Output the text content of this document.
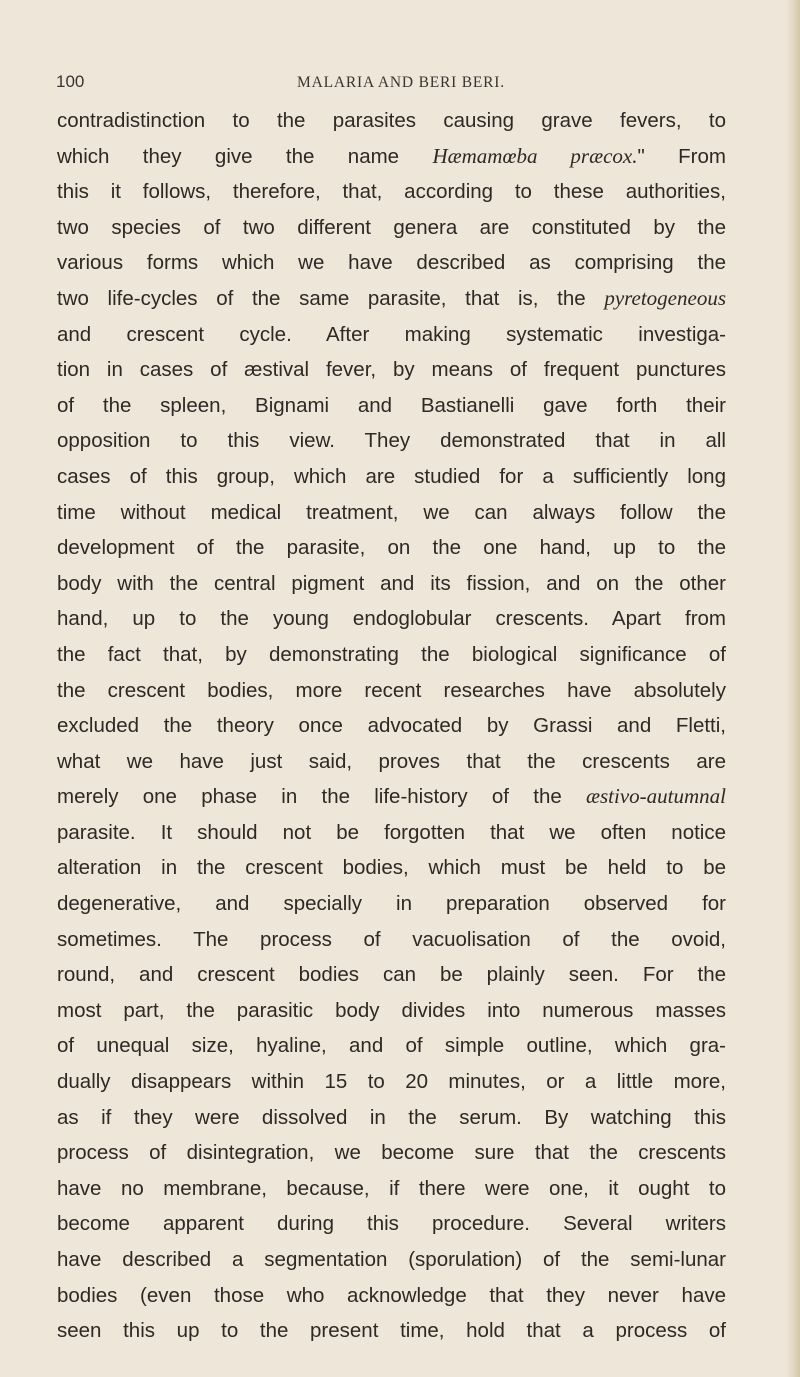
100	MALARIA AND BERI BERI.
contradistinction to the parasites causing grave fevers, to
which they give the name Hæmamœba præcox." From
this it follows, therefore, that, according to these authorities,
two species of two different genera are constituted by the
various forms which we have described as comprising the
two life-cycles of the same parasite, that is, the pyretogeneous
and crescent cycle. After making systematic investiga-
tion in cases of æstival fever, by means of frequent punctures
of the spleen, Bignami and Bastianelli gave forth their
opposition to this view. They demonstrated that in all
cases of this group, which are studied for a sufficiently long
time without medical treatment, we can always follow the
development of the parasite, on the one hand, up to the
body with the central pigment and its fission, and on the other
hand, up to the young endoglobular crescents. Apart from
the fact that, by demonstrating the biological significance of
the crescent bodies, more recent researches have absolutely
excluded the theory once advocated by Grassi and Fletti,
what we have just said, proves that the crescents are
merely one phase in the life-history of the æstivo-autumnal
parasite. It should not be forgotten that we often notice
alteration in the crescent bodies, which must be held to be
degenerative, and specially in preparation observed for
sometimes. The process of vacuolisation of the ovoid,
round, and crescent bodies can be plainly seen. For the
most part, the parasitic body divides into numerous masses
of unequal size, hyaline, and of simple outline, which gra-
dually disappears within 15 to 20 minutes, or a little more,
as if they were dissolved in the serum. By watching this
process of disintegration, we become sure that the crescents
have no membrane, because, if there were one, it ought to
become apparent during this procedure. Several writers
have described a segmentation (sporulation) of the semi-lunar
bodies (even those who acknowledge that they never have
seen this up to the present time, hold that a process of
